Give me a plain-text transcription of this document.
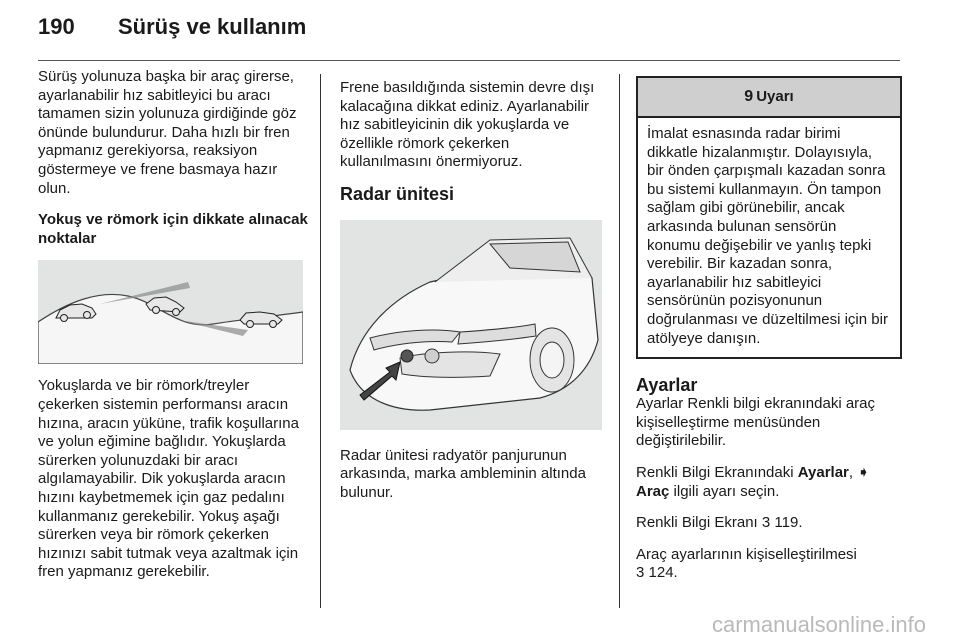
190 Sürüş ve kullanım

Sürüş yolunuza başka bir araç girerse, ayarlanabilir hız sabitleyici bu aracı tamamen sizin yolunuza girdiğinde göz önünde bulundurur. Daha hızlı bir fren yapmanız gerekiyorsa, reaksiyon göstermeye ve frene basmaya hazır olun.

Yokuş ve römork için dikkate alınacak noktalar

Yokuşlarda ve bir römork/treyler çekerken sistemin performansı aracın hızına, aracın yüküne, trafik koşullarına ve yolun eğimine bağlıdır. Yokuşlarda sürerken yolunuzdaki bir aracı algılamayabilir. Dik yokuşlarda aracın hızını kaybetmemek için gaz pedalını kullanmanız gerekebilir. Yokuş aşağı sürerken veya bir römork çekerken hızınızı sabit tutmak veya azaltmak için fren yapmanız gerekebilir.

Frene basıldığında sistemin devre dışı kalacağına dikkat ediniz. Ayarlanabilir hız sabitleyicinin dik yokuşlarda ve özellikle römork çekerken kullanılmasını önermiyoruz.

Radar ünitesi

Radar ünitesi radyatör panjurunun arkasında, marka ambleminin altında bulunur.

9 Uyarı
İmalat esnasında radar birimi dikkatle hizalanmıştır. Dolayısıyla, bir önden çarpışmalı kazadan sonra bu sistemi kullanmayın. Ön tampon sağlam gibi görünebilir, ancak arkasında bulunan sensörün konumu değişebilir ve yanlış tepki verebilir. Bir kazadan sonra, ayarlanabilir hız sabitleyici sensörünün pozisyonunun doğrulanması ve düzeltilmesi için bir atölyeye danışın.
Ayarlar

Ayarlar Renkli bilgi ekranındaki araç kişiselleştirme menüsünden değiştirilebilir.

Renkli Bilgi Ekranındaki Ayarlar, ➧
Araç ilgili ayarı seçin.

Renkli Bilgi Ekranı 3 119.

Araç ayarlarının kişiselleştirilmesi
3 124.

carmanualsonline.info
